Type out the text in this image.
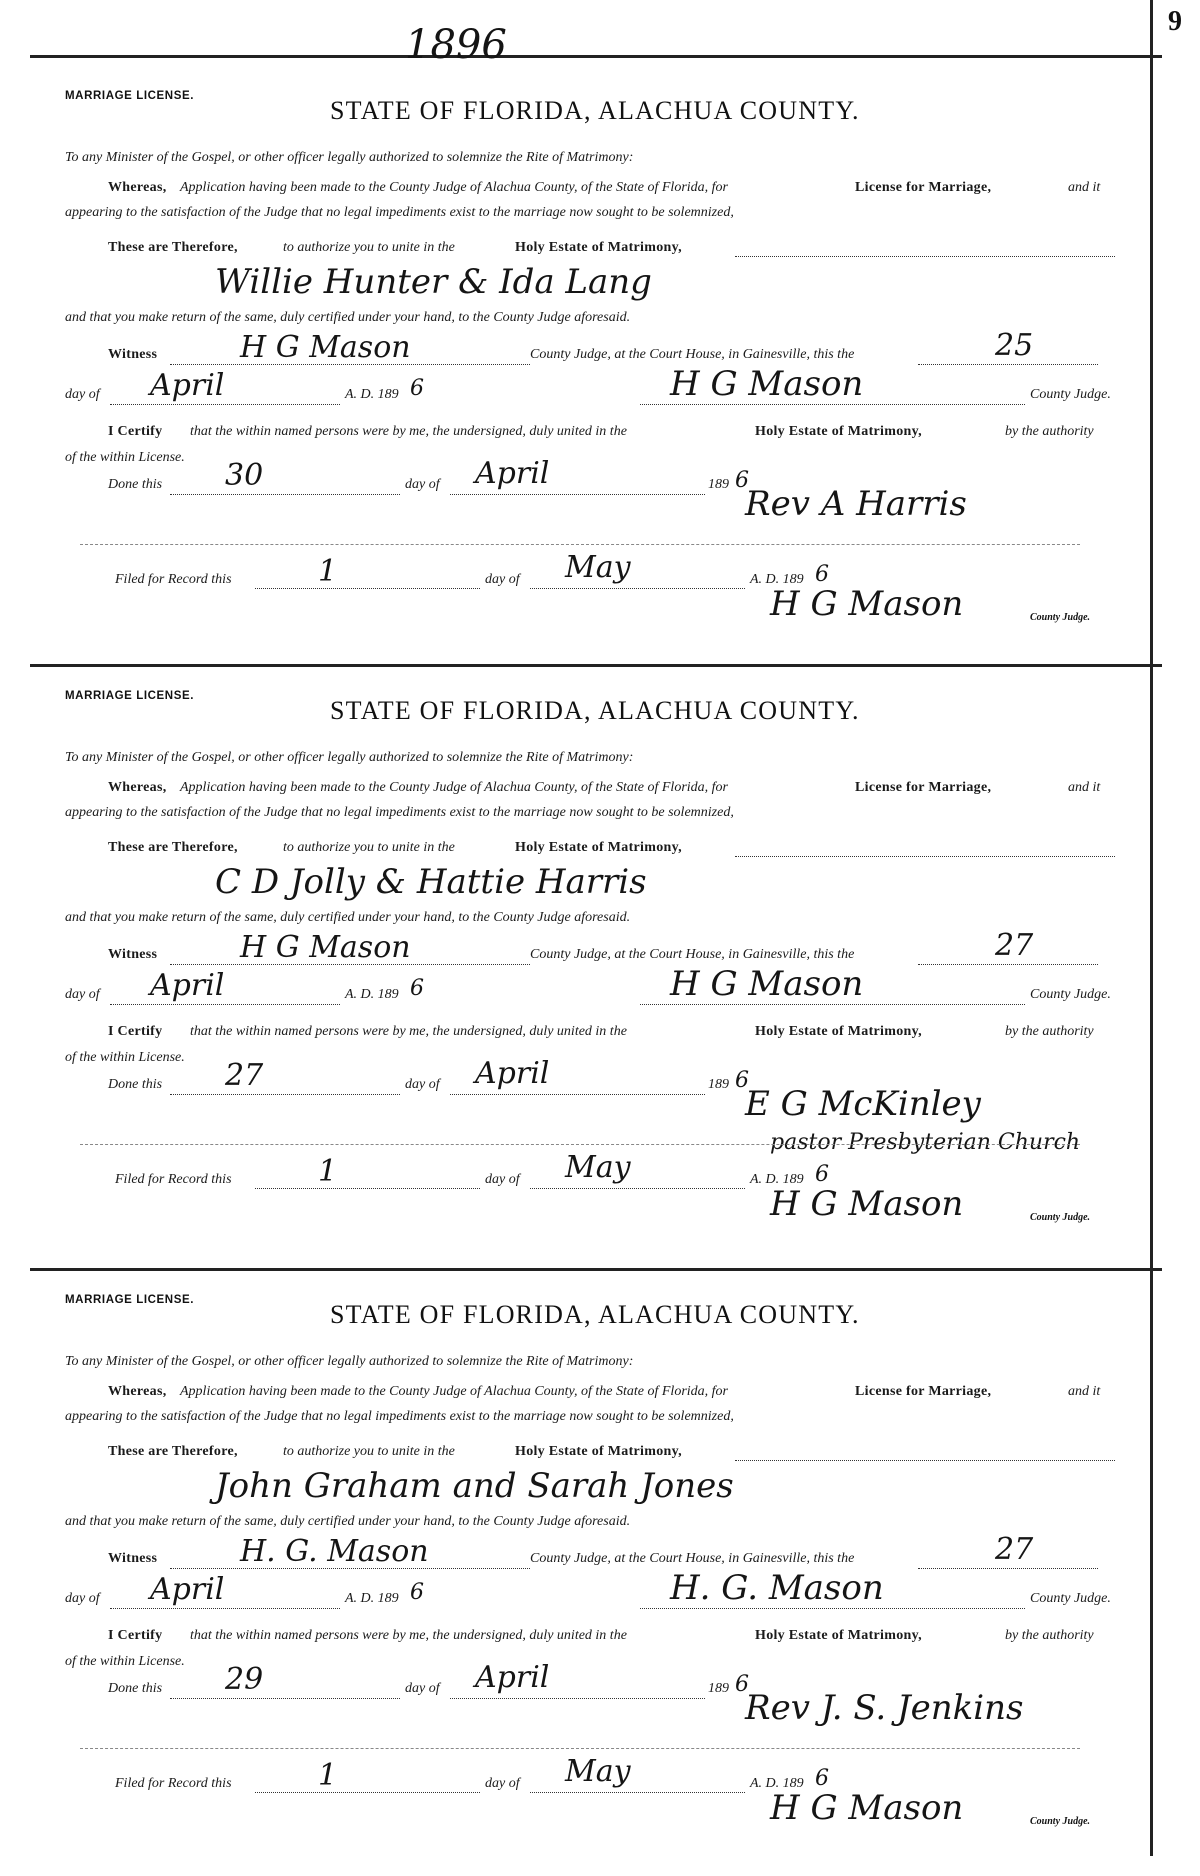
1896
9
MARRIAGE LICENSE.	STATE OF FLORIDA, ALACHUA COUNTY.
To any Minister of the Gospel, or other officer legally authorized to solemnize the Rite of Matrimony:
Whereas, Application having been made to the County Judge of Alachua County, of the State of Florida, for	License for Marriage,	and it
appearing to the satisfaction of the Judge that no legal impediments exist to the marriage now sought to be solemnized,
These are Therefore,	to authorize you to unite in the	Holy Estate of Matrimony,
Willie Hunter & Ida Lang
and that you make return of the same, duly certified under your hand, to the County Judge aforesaid.
Witness	H G Mason	County Judge, at the Court House, in Gainesville, this the	25
day of April	A. D. 189 6	H G Mason	County Judge.
I Certify that the within named persons were by me, the undersigned, duly united in the	Holy Estate of Matrimony,	by the authority
of the within License.
Done this 30	day of April	189 6
Rev A Harris
Filed for Record this	1	day of May	A. D. 189 6
H G Mason	County Judge.
MARRIAGE LICENSE.	STATE OF FLORIDA, ALACHUA COUNTY.
To any Minister of the Gospel, or other officer legally authorized to solemnize the Rite of Matrimony:
Whereas, Application having been made to the County Judge of Alachua County, of the State of Florida, for	License for Marriage,	and it
appearing to the satisfaction of the Judge that no legal impediments exist to the marriage now sought to be solemnized,
These are Therefore,	to authorize you to unite in the	Holy Estate of Matrimony,
C D Jolly & Hattie Harris
and that you make return of the same, duly certified under your hand, to the County Judge aforesaid.
Witness	H G Mason	County Judge, at the Court House, in Gainesville, this the	27
day of April	A. D. 189 6	H G Mason	County Judge.
I Certify that the within named persons were by me, the undersigned, duly united in the	Holy Estate of Matrimony,	by the authority
of the within License.
Done this 27	day of April	189 6
E G McKinley
pastor Presbyterian Church
Filed for Record this	1	day of May	A. D. 189 6
H G Mason	County Judge.
MARRIAGE LICENSE.	STATE OF FLORIDA, ALACHUA COUNTY.
To any Minister of the Gospel, or other officer legally authorized to solemnize the Rite of Matrimony:
Whereas, Application having been made to the County Judge of Alachua County, of the State of Florida, for	License for Marriage,	and it
appearing to the satisfaction of the Judge that no legal impediments exist to the marriage now sought to be solemnized,
These are Therefore,	to authorize you to unite in the	Holy Estate of Matrimony,
John Graham and Sarah Jones
and that you make return of the same, duly certified under your hand, to the County Judge aforesaid.
Witness	H. G. Mason	County Judge, at the Court House, in Gainesville, this the	27
day of April	A. D. 189 6	H. G. Mason	County Judge.
I Certify that the within named persons were by me, the undersigned, duly united in the	Holy Estate of Matrimony,	by the authority
of the within License.
Done this 29	day of April	189 6
Rev J. S. Jenkins
Filed for Record this	1	day of May	A. D. 189 6
H G Mason	County Judge.
